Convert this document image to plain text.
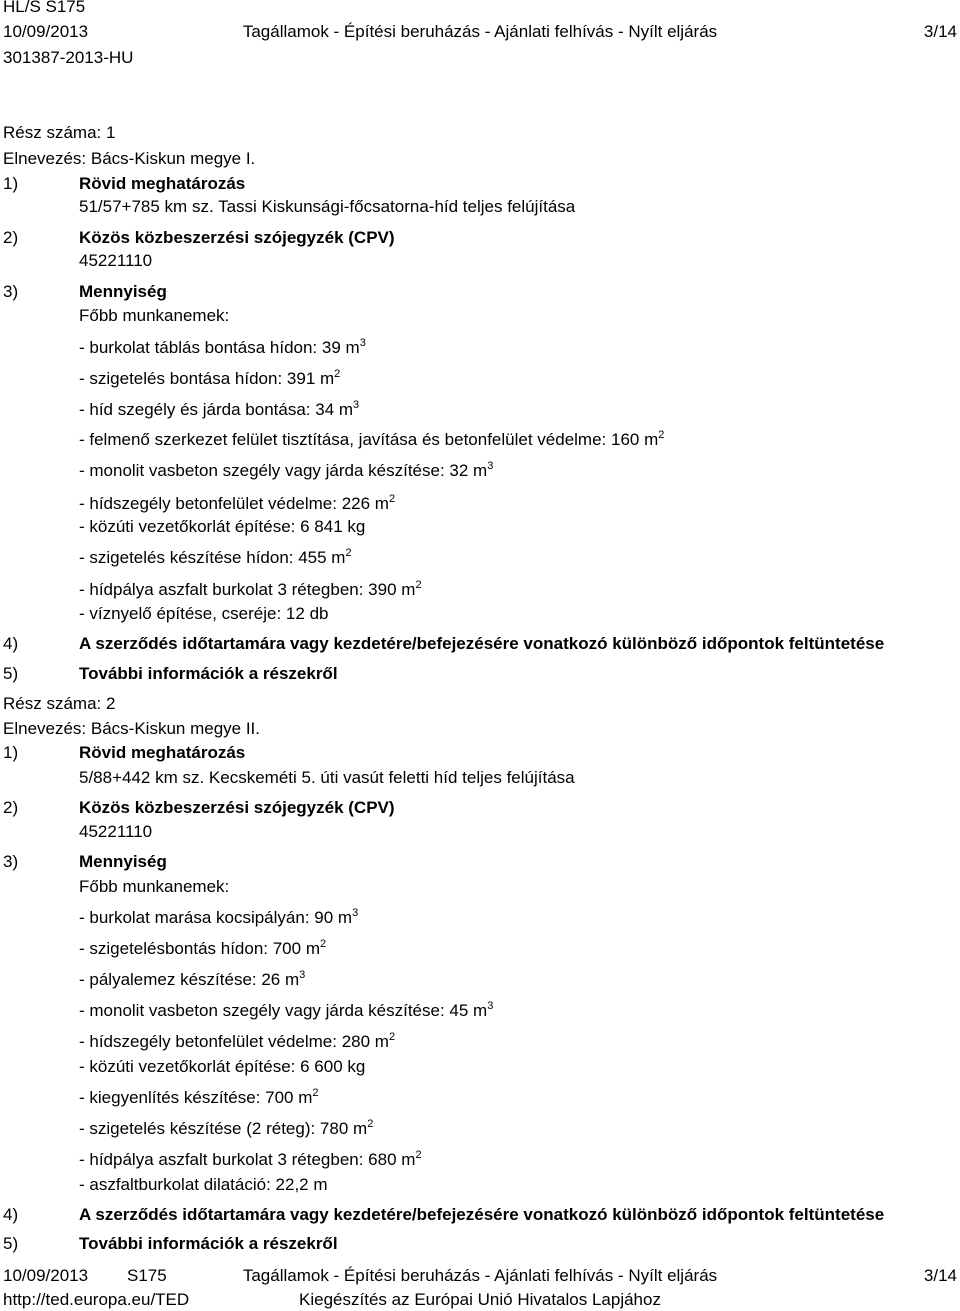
HL/S S175
10/09/2013	Tagállamok - Építési beruházás - Ajánlati felhívás - Nyílt eljárás	3/14
301387-2013-HU
Rész száma: 1
Elnevezés: Bács-Kiskun megye I.
1)	Rövid meghatározás
51/57+785 km sz. Tassi Kiskunsági-főcsatorna-híd teljes felújítása
2)	Közös közbeszerzési szójegyzék (CPV)
45221110
3)	Mennyiség
Főbb munkanemek:
- burkolat táblás bontása hídon: 39 $m^3$
- szigetelés bontása hídon: 391 $m^2$
- híd szegély és járda bontása: 34 $m^3$
- felmenő szerkezet felület tisztítása, javítása és betonfelület védelme: 160 $m^2$
- monolit vasbeton szegély vagy járda készítése: 32 $m^3$
- hídszegély betonfelület védelme: 226 $m^2$
- közúti vezetőkorlát építése: 6 841 kg
- szigetelés készítése hídon: 455 $m^2$
- hídpálya aszfalt burkolat 3 rétegben: 390 $m^2$
- víznyelő építése, cseréje: 12 db
4)	A szerződés időtartamára vagy kezdetére/befejezésére vonatkozó különböző időpontok feltüntetése
5)	További információk a részekről
Rész száma: 2
Elnevezés: Bács-Kiskun megye II.
1)	Rövid meghatározás
5/88+442 km sz. Kecskeméti 5. úti vasút feletti híd teljes felújítása
2)	Közös közbeszerzési szójegyzék (CPV)
45221110
3)	Mennyiség
Főbb munkanemek:
- burkolat marása kocsipályán: 90 $m^3$
- szigetelésbontás hídon: 700 $m^2$
- pályalemez készítése: 26 $m^3$
- monolit vasbeton szegély vagy járda készítése: 45 $m^3$
- hídszegély betonfelület védelme: 280 $m^2$
- közúti vezetőkorlát építése: 6 600 kg
- kiegyenlítés készítése: 700 $m^2$
- szigetelés készítése (2 réteg): 780 $m^2$
- hídpálya aszfalt burkolat 3 rétegben: 680 $m^2$
- aszfaltburkolat dilatáció: 22,2 m
4)	A szerződés időtartamára vagy kezdetére/befejezésére vonatkozó különböző időpontok feltüntetése
5)	További információk a részekről
10/09/2013 S175	Tagállamok - Építési beruházás - Ajánlati felhívás - Nyílt eljárás	3/14
http://ted.europa.eu/TED	Kiegészítés az Európai Unió Hivatalos Lapjához
